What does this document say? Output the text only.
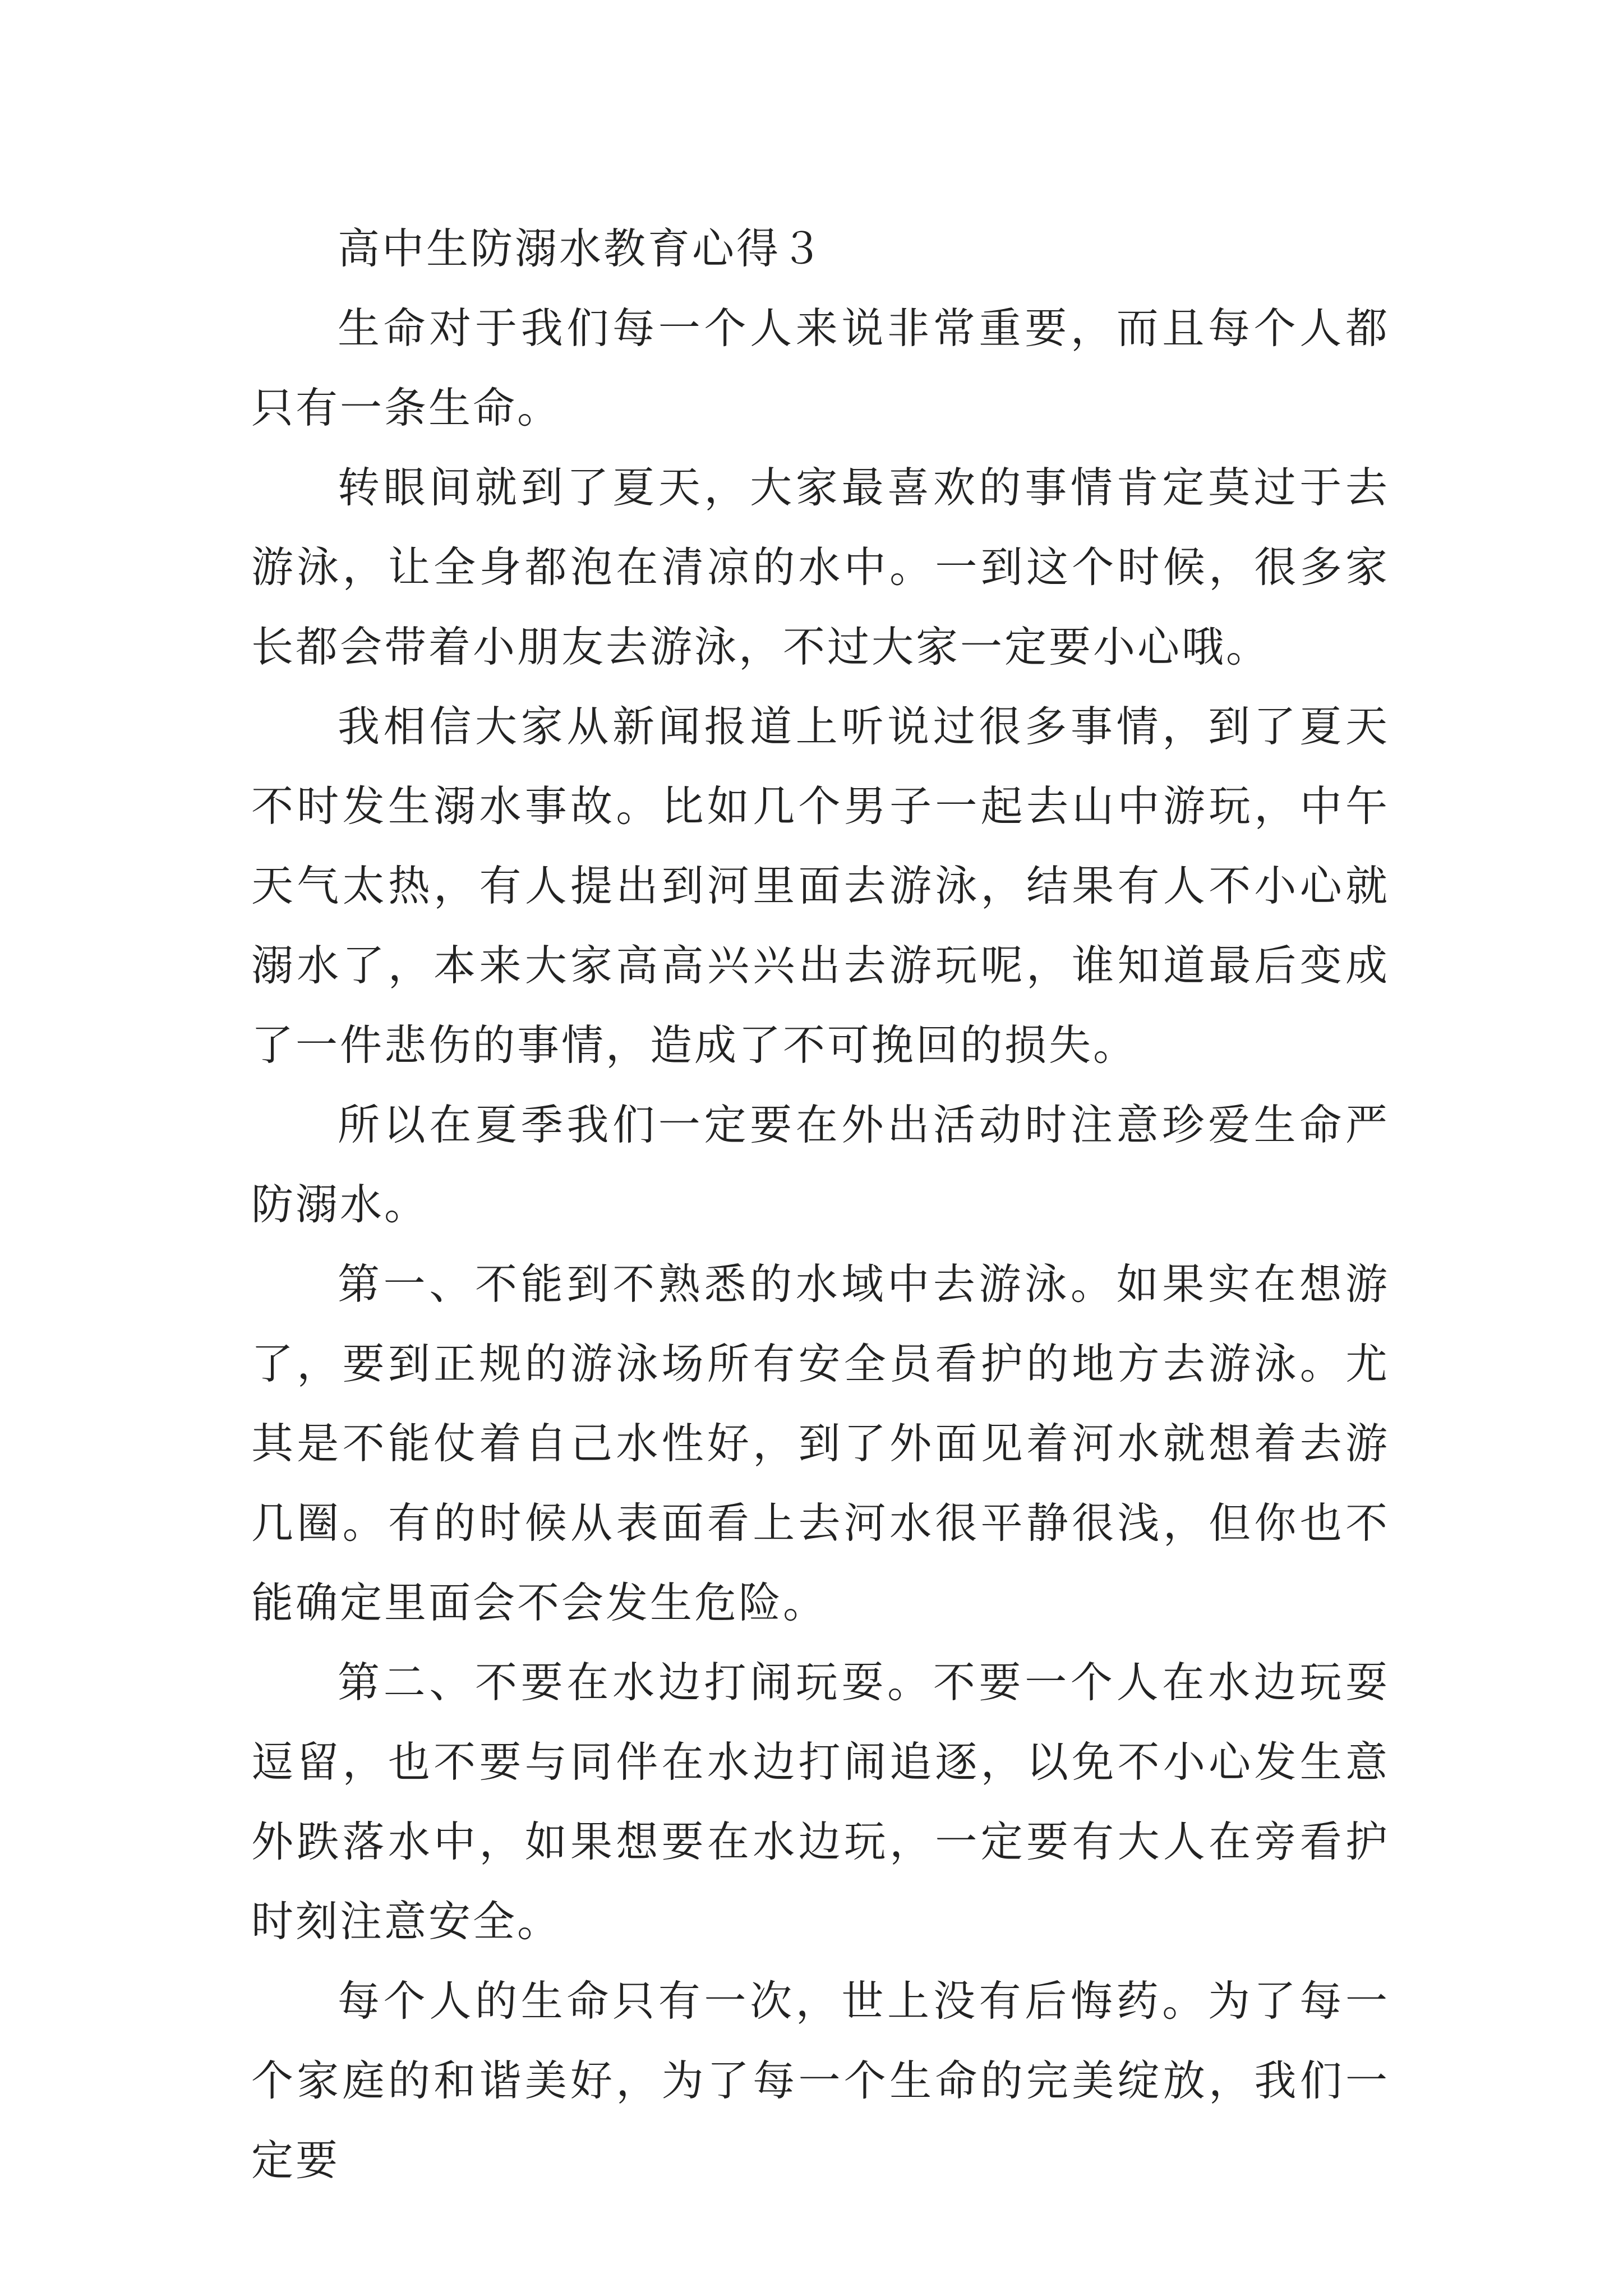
高中生防溺水教育心得３

生命对于我们每一个人来说非常重要，而且每个人都只有一条生命。

转眼间就到了夏天，大家最喜欢的事情肯定莫过于去游泳，让全身都泡在清凉的水中。一到这个时候，很多家长都会带着小朋友去游泳，不过大家一定要小心哦。

我相信大家从新闻报道上听说过很多事情，到了夏天不时发生溺水事故。比如几个男子一起去山中游玩，中午天气太热，有人提出到河里面去游泳，结果有人不小心就溺水了，本来大家高高兴兴出去游玩呢，谁知道最后变成了一件悲伤的事情，造成了不可挽回的损失。

所以在夏季我们一定要在外出活动时注意珍爱生命严防溺水。

第一、不能到不熟悉的水域中去游泳。如果实在想游了，要到正规的游泳场所有安全员看护的地方去游泳。尤其是不能仗着自己水性好，到了外面见着河水就想着去游几圈。有的时候从表面看上去河水很平静很浅，但你也不能确定里面会不会发生危险。

第二、不要在水边打闹玩耍。不要一个人在水边玩耍逗留，也不要与同伴在水边打闹追逐，以免不小心发生意外跌落水中，如果想要在水边玩，一定要有大人在旁看护时刻注意安全。

每个人的生命只有一次，世上没有后悔药。为了每一个家庭的和谐美好，为了每一个生命的完美绽放，我们一定要
